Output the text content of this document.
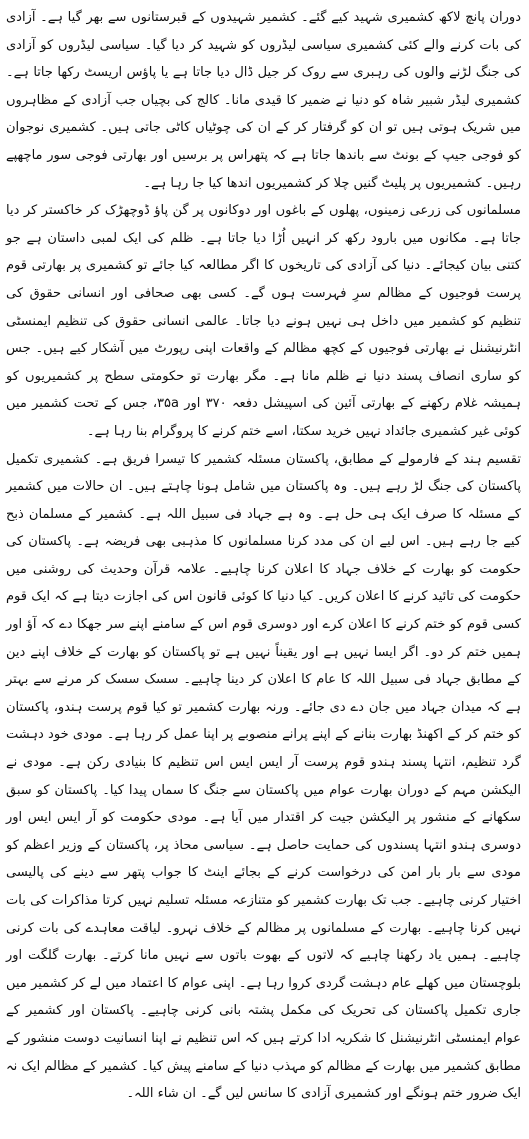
دوران پانچ لاکھ کشمیری شہید کیے گئے۔ کشمیر شہیدوں کے قبرستانوں سے بھر گیا ہے۔ آزادی کی بات کرنے والے کئی کشمیری سیاسی لیڈروں کو شہید کر دیا گیا۔ سیاسی لیڈروں کو آزادی کی جنگ لڑنے والوں کی رہبری سے روک کر جیل ڈال دیا جاتا ہے یا پاؤس اریسٹ رکھا جاتا ہے۔ کشمیری لیڈر شبیر شاہ کو دنیا نے ضمیر کا قیدی مانا۔ کالج کی بچیاں جب آزادی کے مظاہروں میں شریک ہوتی ہیں تو ان کو گرفتار کر کے ان کی چوٹیاں کاٹی جاتی ہیں۔ کشمیری نوجوان کو فوجی جیپ کے بونٹ سے باندھا جاتا ہے کہ پتھراس پر برسیں اور بھارتی فوجی سور ماچھپے رہیں۔ کشمیریوں پر پلیٹ گنیں چلا کر کشمیریوں اندھا کیا جا رہا ہے۔

مسلمانوں کی زرعی زمینوں، پھلوں کے باغوں اور دوکانوں پر گن پاؤ ڈوچھڑک کر خاکستر کر دیا جاتا ہے۔ مکانوں میں بارود رکھ کر انہیں اُڑا دیا جاتا ہے۔ ظلم کی ایک لمبی داستان ہے جو کتنی بیان کیجائے۔ دنیا کی آزادی کی تاریخوں کا اگر مطالعہ کیا جائے تو کشمیری پر بھارتی قوم پرست فوجیوں کے مظالم سرِ فہرست ہوں گے۔ کسی بھی صحافی اور انسانی حقوق کی تنظیم کو کشمیر میں داخل ہی نہیں ہونے دیا جاتا۔ عالمی انسانی حقوق کی تنظیم ایمنسٹی انٹرنیشنل نے بھارتی فوجیوں کے کچھ مظالم کے واقعات اپنی رپورٹ میں آشکار کیے ہیں۔ جس کو ساری انصاف پسند دنیا نے ظلم مانا ہے۔ مگر بھارت تو حکومتی سطح پر کشمیریوں کو ہمیشہ غلام رکھنے کے بھارتی آئین کی اسپیشل دفعہ ۳۷۰ اور ۳۵a، جس کے تحت کشمیر میں کوئی غیر کشمیری جائداد نہیں خرید سکتا، اسے ختم کرنے کا پروگرام بنا رہا ہے۔

تقسیم ہند کے فارمولے کے مطابق، پاکستان مسئلہ کشمیر کا تیسرا فریق ہے۔ کشمیری تکمیل پاکستان کی جنگ لڑ رہے ہیں۔ وہ پاکستان میں شامل ہونا چاہتے ہیں۔ ان حالات میں کشمیر کے مسئلہ کا صرف ایک ہی حل ہے۔ وہ ہے جہاد فی سبیل اللہ ہے۔ کشمیر کے مسلمان ذبح کیے جا رہے ہیں۔ اس لیے ان کی مدد کرنا مسلمانوں کا مذہبی بھی فریضہ ہے۔ پاکستان کی حکومت کو بھارت کے خلاف جہاد کا اعلان کرنا چاہیے۔ علامہ قرآن وحدیث کی روشنی میں حکومت کی تائید کرنے کا اعلان کریں۔ کیا دنیا کا کوئی قانون اس کی اجازت دیتا ہے کہ ایک قوم کسی قوم کو ختم کرنے کا اعلان کرے اور دوسری قوم اس کے سامنے اپنے سر جھکا دے کہ آؤ اور ہمیں ختم کر دو۔ اگر ایسا نہیں ہے اور یقیناً نہیں ہے تو پاکستان کو بھارت کے خلاف اپنے دین کے مطابق جہاد فی سبیل اللہ کا عام کا اعلان کر دینا چاہیے۔ سسک سسک کر مرنے سے بہتر ہے کہ میدان جہاد میں جان دے دی جائے۔ ورنہ بھارت کشمیر تو کیا قوم پرست ہندو، پاکستان کو ختم کر کے اکھنڈ بھارت بنانے کے اپنے پرانے منصوبے پر اپنا عمل کر رہا ہے۔ مودی خود دہشت گرد تنظیم، انتہا پسند ہندو قوم پرست آر ایس ایس اس تنظیم کا بنیادی رکن ہے۔ مودی نے الیکشن مہم کے دوران بھارت عوام میں پاکستان سے جنگ کا سماں پیدا کیا۔ پاکستان کو سبق سکھانے کے منشور پر الیکشن جیت کر اقتدار میں آیا ہے۔ مودی حکومت کو آر ایس ایس اور دوسری ہندو انتہا پسندوں کی حمایت حاصل ہے۔ سیاسی محاذ پر، پاکستان کے وزیر اعظم کو مودی سے بار بار امن کی درخواست کرنے کے بجائے اینٹ کا جواب پتھر سے دینے کی پالیسی اختیار کرنی چاہیے۔ جب تک بھارت کشمیر کو متنازعہ مسئلہ تسلیم نہیں کرتا مذاکرات کی بات نہیں کرنا چاہیے۔ بھارت کے مسلمانوں پر مظالم کے خلاف نہرو۔ لیاقت معاہدے کی بات کرنی چاہیے۔ ہمیں یاد رکھنا چاہیے کہ لاتوں کے بھوت باتوں سے نہیں مانا کرتے۔ بھارت گلگت اور بلوچستان میں کھلے عام دہشت گردی کروا رہا ہے۔ اپنی عوام کا اعتماد میں لے کر کشمیر میں جاری تکمیل پاکستان کی تحریک کی مکمل پشتہ بانی کرنی چاہیے۔ پاکستان اور کشمیر کے عوام ایمنسٹی انٹرنیشنل کا شکریہ ادا کرتے ہیں کہ اس تنظیم نے اپنا انسانیت دوست منشور کے مطابق کشمیر میں بھارت کے مظالم کو مہذب دنیا کے سامنے پیش کیا۔ کشمیر کے مظالم ایک نہ ایک ضرور ختم ہونگے اور کشمیری آزادی کا سانس لیں گے۔ ان شاء اللہ۔
